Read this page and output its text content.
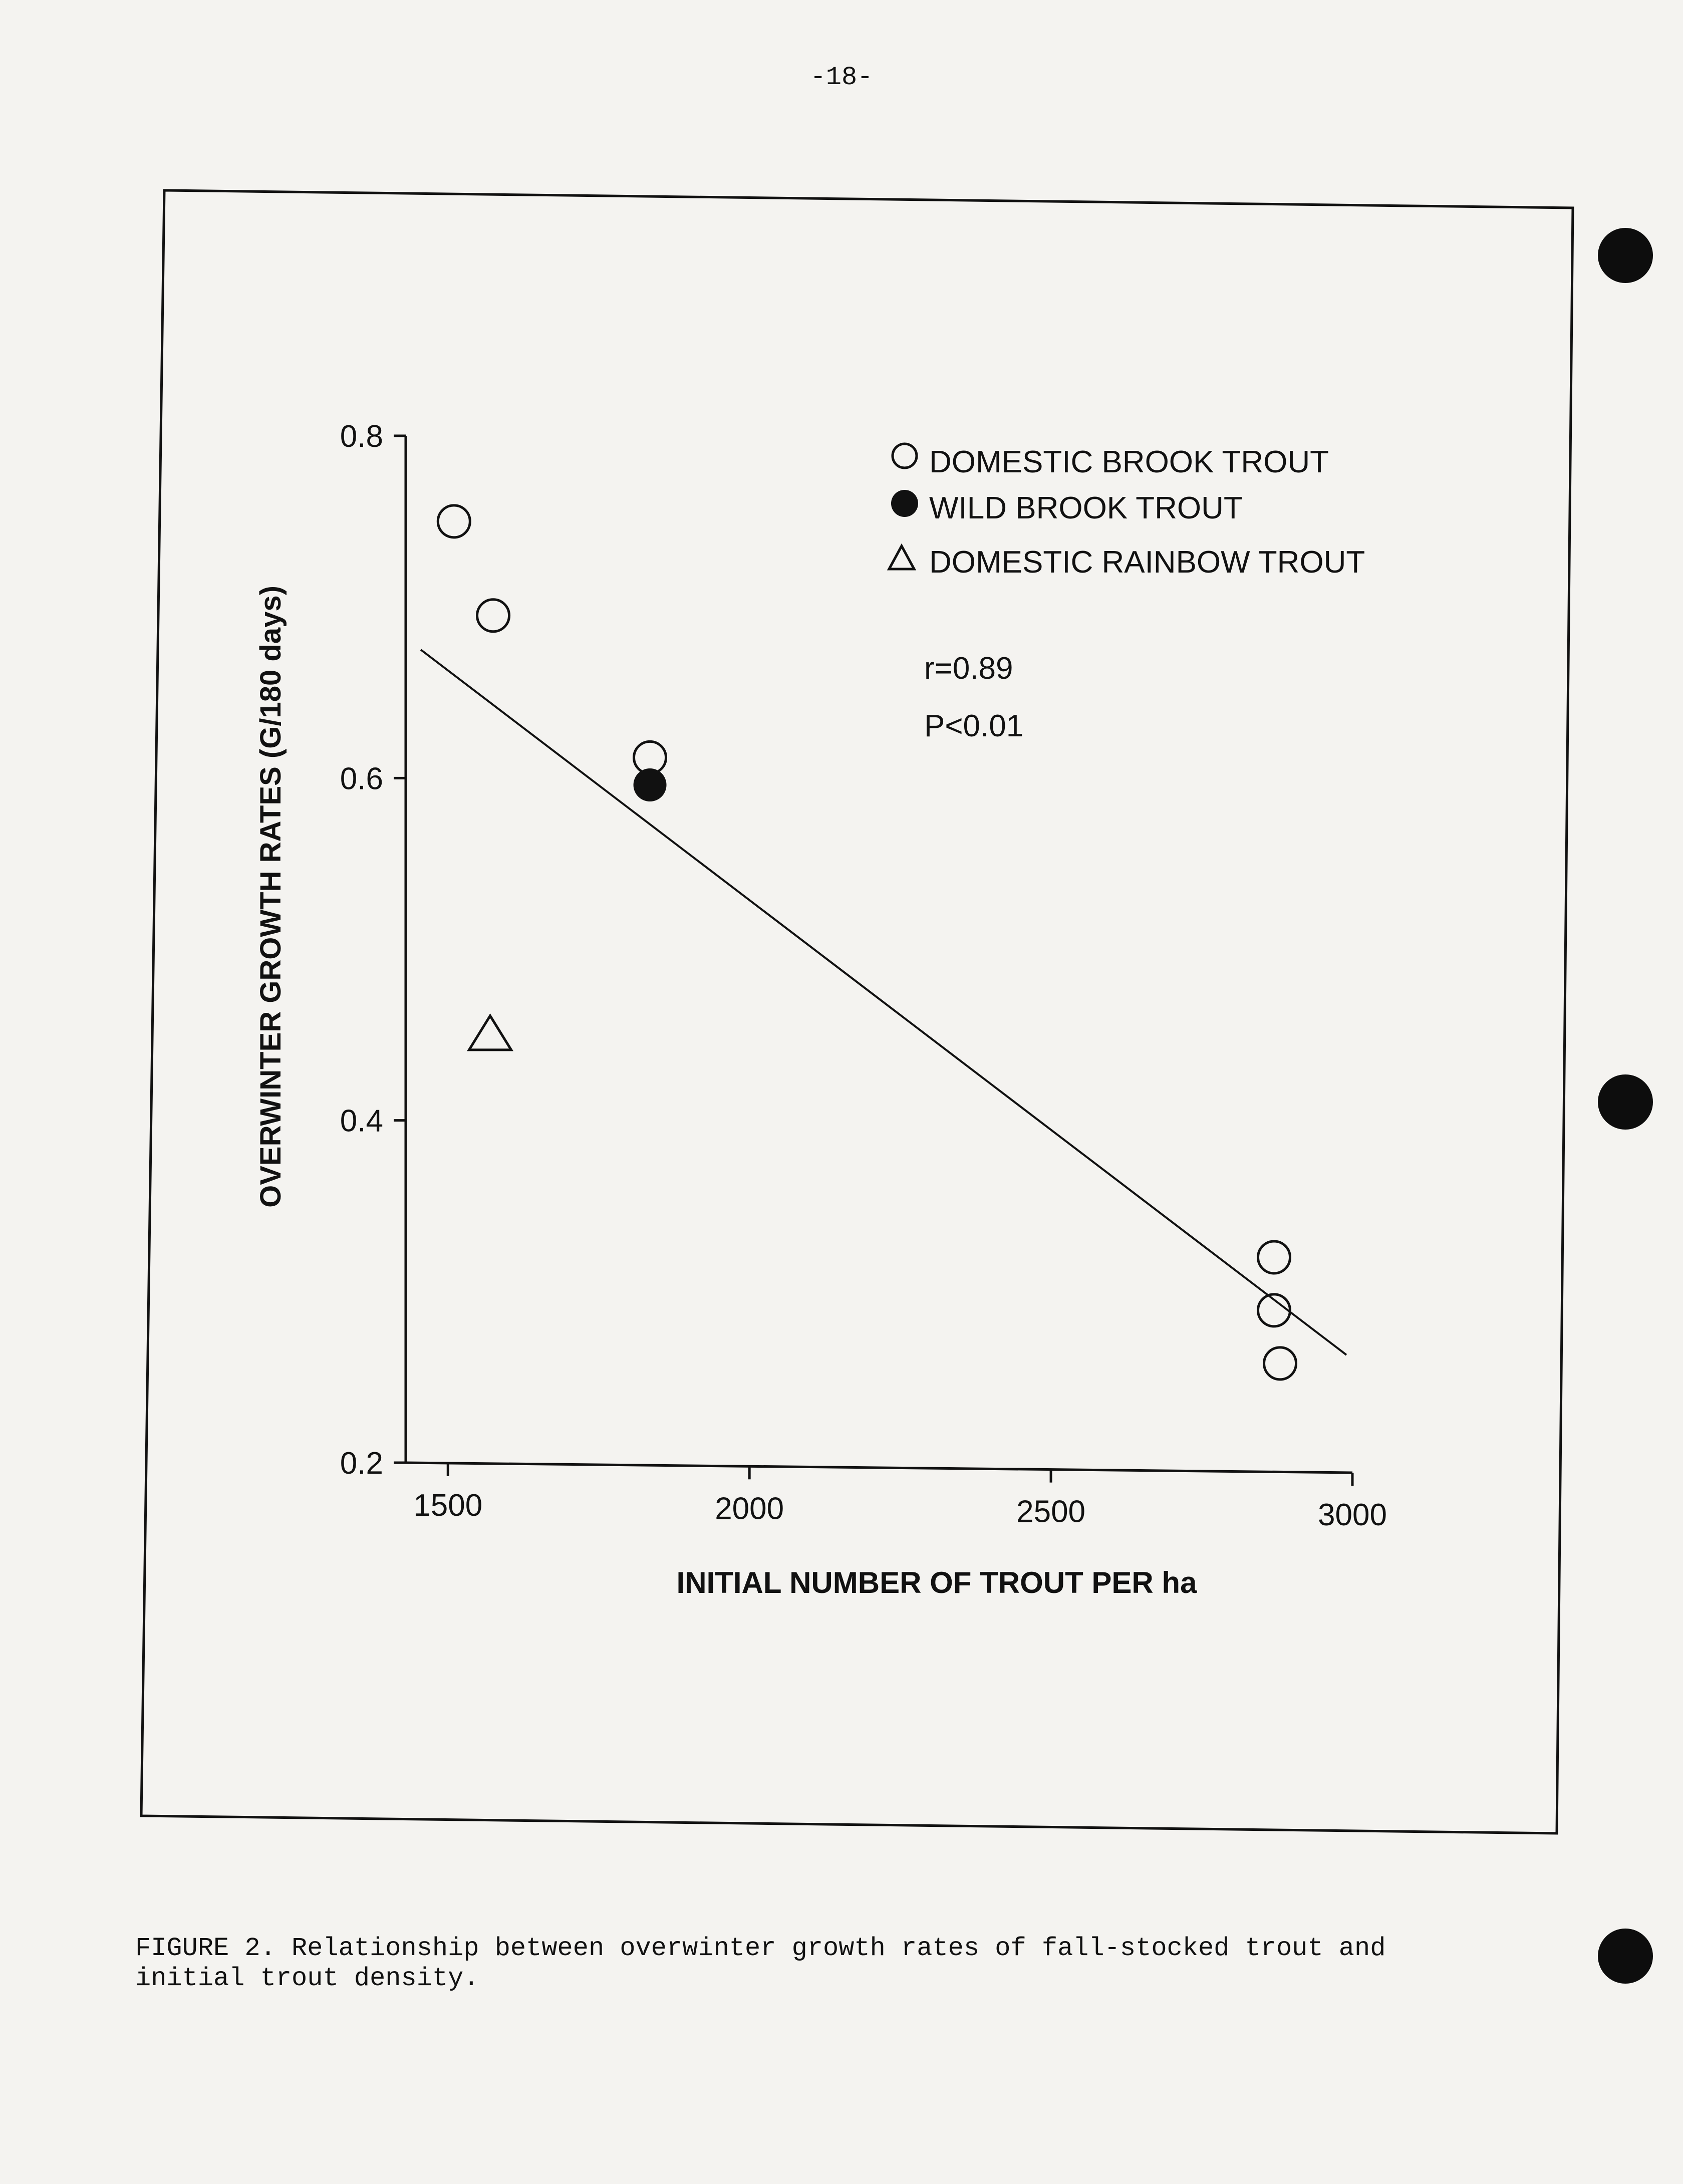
-18-
0.2
0.4
0.6
0.8
1500	2000	2500	3000
OVERWINTER GROWTH RATES (G/180 days)
INITIAL NUMBER OF TROUT PER ha
DOMESTIC BROOK TROUT
WILD BROOK TROUT
DOMESTIC RAINBOW TROUT
r=0.89
P<0.01
FIGURE 2. Relationship between overwinter growth rates of fall-stocked trout and
initial trout density.
